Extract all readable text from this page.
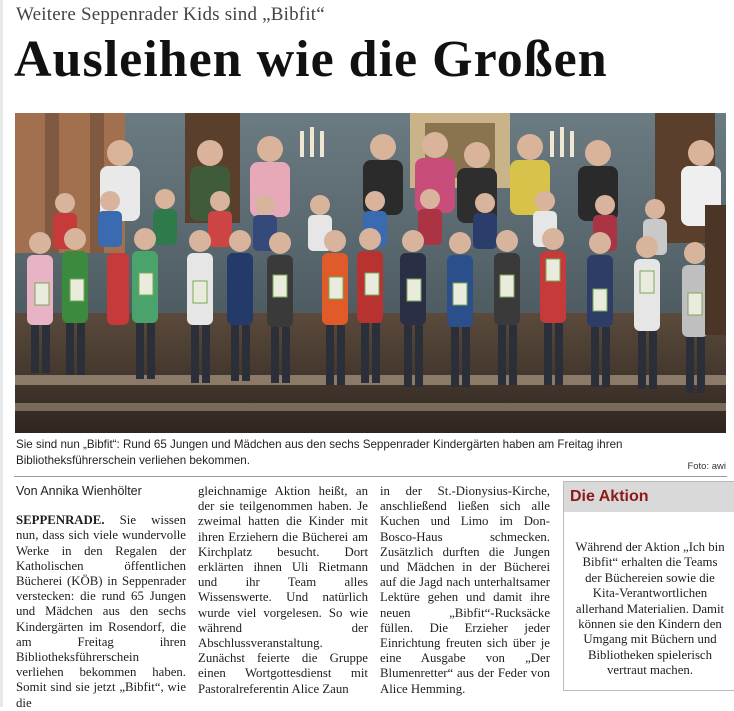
Weitere Seppenrader Kids sind „Bibfit“
Ausleihen wie die Großen
Sie sind nun „Bibfit“: Rund 65 Jungen und Mädchen aus den sechs Seppenrader Kindergärten haben am Freitag ihren Bibliotheksführerschein verliehen bekommen.	Foto: awi

Von Annika Wienhölter

SEPPENRADE. Sie wissen nun, dass sich viele wundervolle Werke in den Regalen der Katholischen öffentlichen Bücherei (KÖB) in Seppenrader verstecken: die rund 65 Jungen und Mädchen aus den sechs Kindergärten im Rosendorf, die am Freitag ihren Bibliotheksführerschein verliehen bekommen haben. Somit sind sie jetzt „Bibfit“, wie die

gleichnamige Aktion heißt, an der sie teilgenommen haben. Je zweimal hatten die Kinder mit ihren Erziehern die Bücherei am Kirchplatz besucht. Dort erklärten ihnen Uli Rietmann und ihr Team alles Wissenswerte. Und natürlich wurde viel vorgelesen. So wie während der Abschlussveranstaltung. Zunächst feierte die Gruppe einen Wortgottesdienst mit Pastoralreferentin Alice Zaun

in der St.-Dionysius-Kirche, anschließend ließen sich alle Kuchen und Limo im Don-Bosco-Haus schmecken. Zusätzlich durften die Jungen und Mädchen in der Bücherei auf die Jagd nach unterhaltsamer Lektüre gehen und damit ihre neuen „Bibfit“-Rucksäcke füllen. Die Erzieher jeder Einrichtung freuten sich über je eine Ausgabe von „Der Blumenretter“ aus der Feder von Alice Hemming.

Die Aktion
Während der Aktion „Ich bin Bibfit“ erhalten die Teams der Büchereien sowie die Kita-Verantwortlichen allerhand Materialien. Damit können sie den Kindern den Umgang mit Büchern und Bibliotheken spielerisch vertraut machen.
